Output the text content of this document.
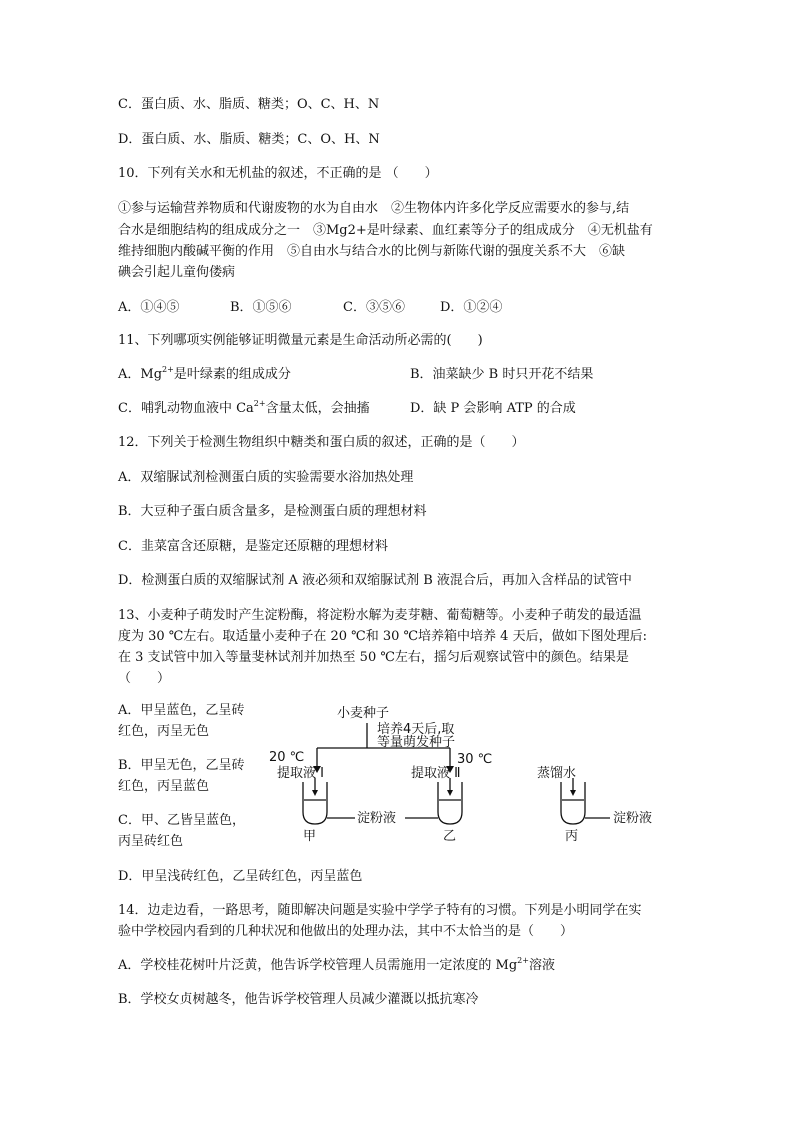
C．蛋白质、水、脂质、糖类；O、C、H、N
D．蛋白质、水、脂质、糖类；C、O、H、N
10．下列有关水和无机盐的叙述，不正确的是 （　　）
①参与运输营养物质和代谢废物的水为自由水　②生物体内许多化学反应需要水的参与,结
合水是细胞结构的组成成分之一　③Mg2+是叶绿素、血红素等分子的组成成分　④无机盐有
维持细胞内酸碱平衡的作用　⑤自由水与结合水的比例与新陈代谢的强度关系不大　⑥缺
碘会引起儿童佝偻病
A．①④⑤	B．①⑤⑥	C．③⑤⑥	D．①②④
11、下列哪项实例能够证明微量元素是生命活动所必需的(　　)
A．$Mg^{2+}$是叶绿素的组成成分	B．油菜缺少 B 时只开花不结果
C．哺乳动物血液中 $Ca^{2+}$含量太低，会抽搐	D．缺 P 会影响 ATP 的合成
12．下列关于检测生物组织中糖类和蛋白质的叙述，正确的是（　　）
A．双缩脲试剂检测蛋白质的实验需要水浴加热处理
B．大豆种子蛋白质含量多，是检测蛋白质的理想材料
C．韭菜富含还原糖，是鉴定还原糖的理想材料
D．检测蛋白质的双缩脲试剂 A 液必须和双缩脲试剂 B 液混合后，再加入含样品的试管中
13、小麦种子萌发时产生淀粉酶，将淀粉水解为麦芽糖、葡萄糖等。小麦种子萌发的最适温
度为 30 ℃左右。取适量小麦种子在 20 ℃和 30 ℃培养箱中培养 4 天后，做如下图处理后:
在 3 支试管中加入等量斐林试剂并加热至 50 ℃左右，摇匀后观察试管中的颜色。结果是
（　　）
A．甲呈蓝色，乙呈砖
红色，丙呈无色
B．甲呈无色，乙呈砖
红色，丙呈蓝色
C．甲、乙皆呈蓝色，
丙呈砖红色
D．甲呈浅砖红色，乙呈砖红色，丙呈蓝色
小麦种子
培养4天后,取
等量萌发种子
20 ℃	30 ℃
提取液 Ⅰ	提取液 Ⅱ	蒸馏水
淀粉液	淀粉液
甲	乙	丙
14．边走边看，一路思考，随即解决问题是实验中学学子特有的习惯。下列是小明同学在实
验中学校园内看到的几种状况和他做出的处理办法，其中不太恰当的是（　　）
A．学校桂花树叶片泛黄，他告诉学校管理人员需施用一定浓度的 $Mg^{2+}$溶液
B．学校女贞树越冬，他告诉学校管理人员减少灌溉以抵抗寒冷
